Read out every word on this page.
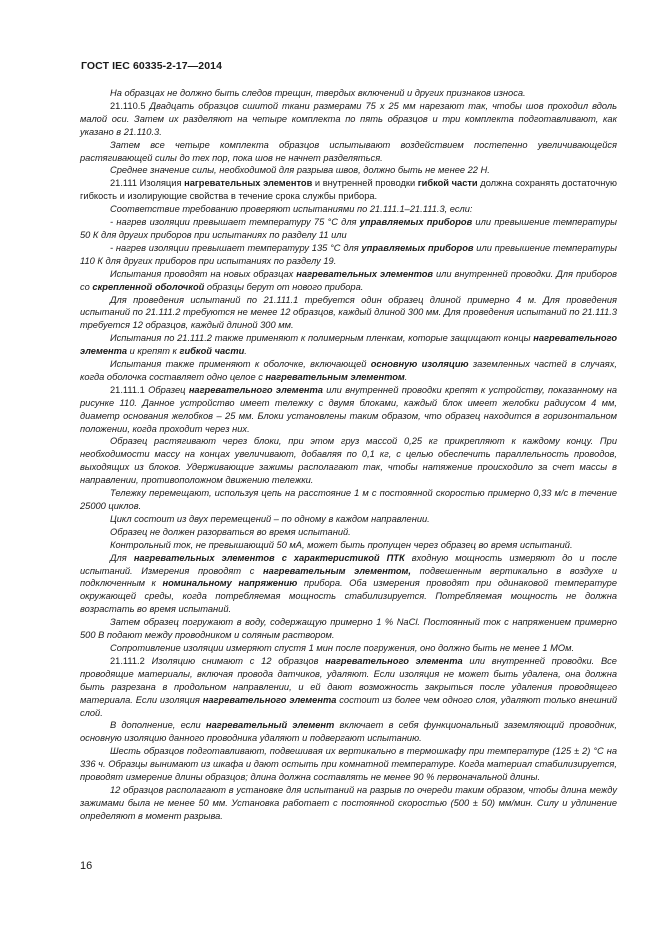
ГОСТ IEC 60335-2-17—2014

На образцах не должно быть следов трещин, твердых включений и других признаков износа.

21.110.5 Двадцать образцов сшитой ткани размерами 75 х 25 мм нарезают так, чтобы шов проходил вдоль малой оси. Затем их разделяют на четыре комплекта по пять образцов и три комплекта подготавливают, как указано в 21.110.3.

Затем все четыре комплекта образцов испытывают воздействием постепенно увеличивающейся растягивающей силы до тех пор, пока шов не начнет разделяться.

Среднее значение силы, необходимой для разрыва швов, должно быть не менее 22 Н.

21.111 Изоляция нагревательных элементов и внутренней проводки гибкой части должна сохранять достаточную гибкость и изолирующие свойства в течение срока службы прибора.

Соответствие требованию проверяют испытаниями по 21.111.1–21.111.3, если:

- нагрев изоляции превышает температуру 75 °С для управляемых приборов или превышение температуры 50 К для других приборов при испытаниях по разделу 11 или

- нагрев изоляции превышает температуру 135 °С для управляемых приборов или превышение температуры 110 К для других приборов при испытаниях по разделу 19.

Испытания проводят на новых образцах нагревательных элементов или внутренней проводки. Для приборов со скрепленной оболочкой образцы берут от нового прибора.

Для проведения испытаний по 21.111.1 требуется один образец длиной примерно 4 м. Для проведения испытаний по 21.111.2 требуются не менее 12 образцов, каждый длиной 300 мм. Для проведения испытаний по 21.111.3 требуется 12 образцов, каждый длиной 300 мм.

Испытания по 21.111.2 также применяют к полимерным пленкам, которые защищают концы нагревательного элемента и крепят к гибкой части.

Испытания также применяют к оболочке, включающей основную изоляцию заземленных частей в случаях, когда оболочка составляет одно целое с нагревательным элементом.

21.111.1 Образец нагревательного элемента или внутренней проводки крепят к устройству, показанному на рисунке 110. Данное устройство имеет тележку с двумя блоками, каждый блок имеет желобки радиусом 4 мм, диаметр основания желобков – 25 мм. Блоки установлены таким образом, что образец находится в горизонтальном положении, когда проходит через них.

Образец растягивают через блоки, при этом груз массой 0,25 кг прикрепляют к каждому концу. При необходимости массу на концах увеличивают, добавляя по 0,1 кг, с целью обеспечить параллельность проводов, выходящих из блоков. Удерживающие зажимы располагают так, чтобы натяжение происходило за счет массы в направлении, противоположном движению тележки.

Тележку перемещают, используя цепь на расстояние 1 м с постоянной скоростью примерно 0,33 м/с в течение 25000 циклов.

Цикл состоит из двух перемещений – по одному в каждом направлении.

Образец не должен разорваться во время испытаний.

Контрольный ток, не превышающий 50 мА, может быть пропущен через образец во время испытаний.

Для нагревательных элементов с характеристикой ПТК входную мощность измеряют до и после испытаний. Измерения проводят с нагревательным элементом, подвешенным вертикально в воздухе и подключенным к номинальному напряжению прибора. Оба измерения проводят при одинаковой температуре окружающей среды, когда потребляемая мощность стабилизируется. Потребляемая мощность не должна возрастать во время испытаний.

Затем образец погружают в воду, содержащую примерно 1 % NaCl. Постоянный ток с напряжением примерно 500 В подают между проводником и соляным раствором.

Сопротивление изоляции измеряют спустя 1 мин после погружения, оно должно быть не менее 1 МОм.

21.111.2 Изоляцию снимают с 12 образцов нагревательного элемента или внутренней проводки. Все проводящие материалы, включая провода датчиков, удаляют. Если изоляция не может быть удалена, она должна быть разрезана в продольном направлении, и ей дают возможность закрыться после удаления проводящего материала. Если изоляция нагревательного элемента состоит из более чем одного слоя, удаляют только внешний слой.

В дополнение, если нагревательный элемент включает в себя функциональный заземляющий проводник, основную изоляцию данного проводника удаляют и подвергают испытанию.

Шесть образцов подготавливают, подвешивая их вертикально в термошкафу при температуре (125 ± 2) °С на 336 ч. Образцы вынимают из шкафа и дают остыть при комнатной температуре. Когда материал стабилизируется, проводят измерение длины образцов; длина должна составлять не менее 90 % первоначальной длины.

12 образцов располагают в установке для испытаний на разрыв по очереди таким образом, чтобы длина между зажимами была не менее 50 мм. Установка работает с постоянной скоростью (500 ± 50) мм/мин. Силу и удлинение определяют в момент разрыва.

16
